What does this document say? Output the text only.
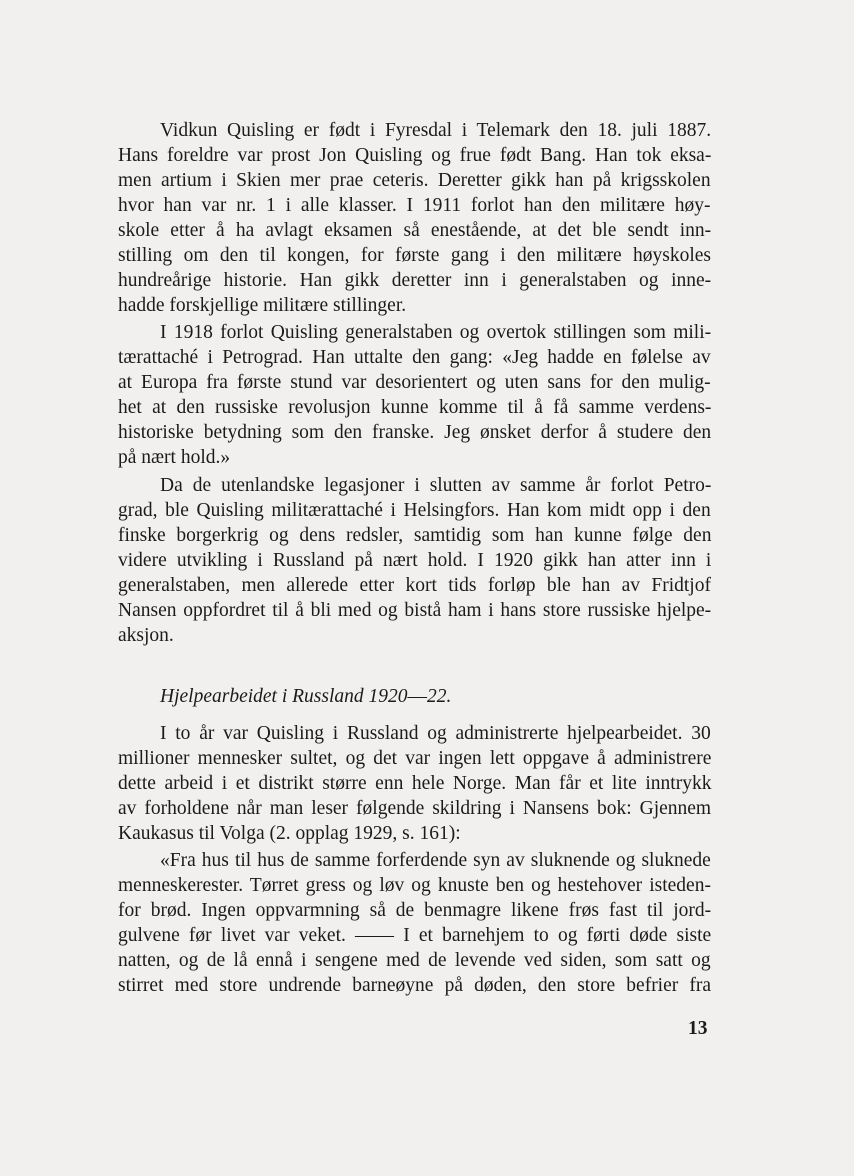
Vidkun Quisling er født i Fyresdal i Telemark den 18. juli 1887.
Hans foreldre var prost Jon Quisling og frue født Bang. Han tok eksa-
men artium i Skien mer prae ceteris. Deretter gikk han på krigsskolen
hvor han var nr. 1 i alle klasser. I 1911 forlot han den militære høy-
skole etter å ha avlagt eksamen så enestående, at det ble sendt inn-
stilling om den til kongen, for første gang i den militære høyskoles
hundreårige historie. Han gikk deretter inn i generalstaben og inne-
hadde forskjellige militære stillinger.
I 1918 forlot Quisling generalstaben og overtok stillingen som mili-
tærattaché i Petrograd. Han uttalte den gang: «Jeg hadde en følelse av
at Europa fra første stund var desorientert og uten sans for den mulig-
het at den russiske revolusjon kunne komme til å få samme verdens-
historiske betydning som den franske. Jeg ønsket derfor å studere den
på nært hold.»
Da de utenlandske legasjoner i slutten av samme år forlot Petro-
grad, ble Quisling militærattaché i Helsingfors. Han kom midt opp i den
finske borgerkrig og dens redsler, samtidig som han kunne følge den
videre utvikling i Russland på nært hold. I 1920 gikk han atter inn i
generalstaben, men allerede etter kort tids forløp ble han av Fridtjof
Nansen oppfordret til å bli med og bistå ham i hans store russiske hjelpe-
aksjon.
Hjelpearbeidet i Russland 1920––22.
I to år var Quisling i Russland og administrerte hjelpearbeidet. 30
millioner mennesker sultet, og det var ingen lett oppgave å administrere
dette arbeid i et distrikt større enn hele Norge. Man får et lite inntrykk
av forholdene når man leser følgende skildring i Nansens bok: Gjennem
Kaukasus til Volga (2. opplag 1929, s. 161):
«Fra hus til hus de samme forferdende syn av sluknende og sluknede
menneskerester. Tørret gress og løv og knuste ben og hestehover isteden-
for brød. Ingen oppvarmning så de benmagre likene frøs fast til jord-
gulvene før livet var veket. —— I et barnehjem to og førti døde siste
natten, og de lå ennå i sengene med de levende ved siden, som satt og
stirret med store undrende barneøyne på døden, den store befrier fra
13
